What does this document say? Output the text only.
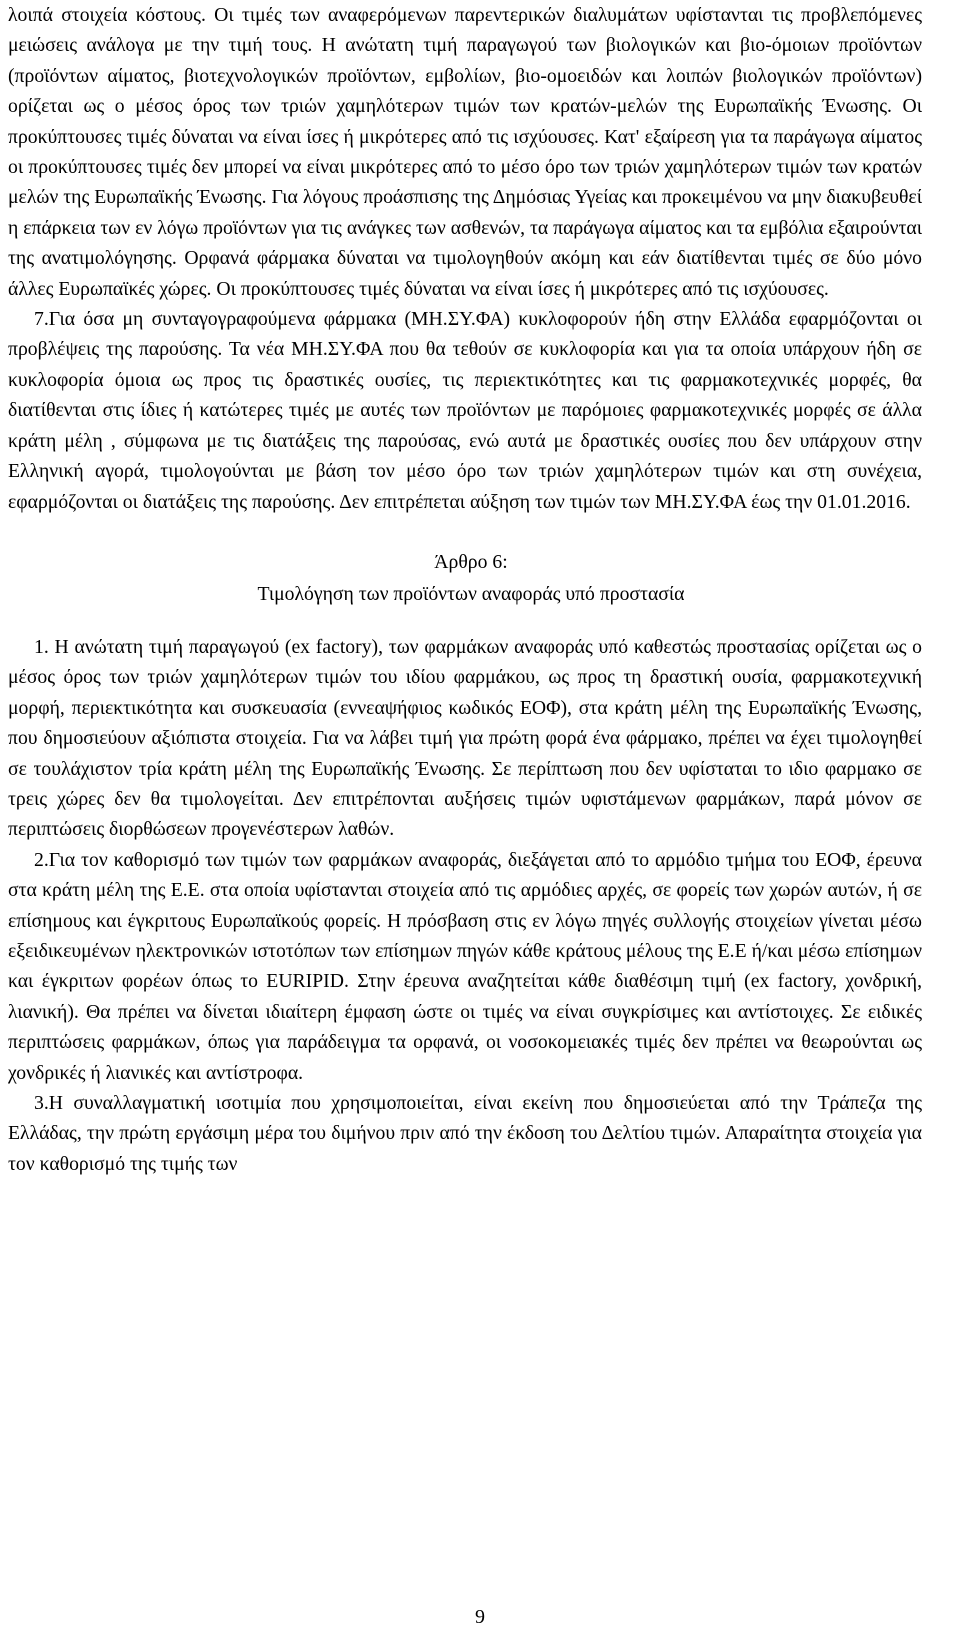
λοιπά στοιχεία κόστους. Οι τιμές των αναφερόμενων παρεντερικών διαλυμάτων υφίστανται τις προβλεπόμενες μειώσεις ανάλογα με την τιμή τους. Η ανώτατη τιμή παραγωγού των βιολογικών και βιο-όμοιων προϊόντων (προϊόντων αίματος, βιοτεχνολογικών προϊόντων, εμβολίων, βιο-ομοειδών και λοιπών βιολογικών προϊόντων) ορίζεται ως ο μέσος όρος των τριών χαμηλότερων τιμών των κρατών-μελών της Ευρωπαϊκής Ένωσης. Οι προκύπτουσες τιμές δύναται να είναι ίσες ή μικρότερες από τις ισχύουσες. Κατ' εξαίρεση για τα παράγωγα αίματος οι προκύπτουσες τιμές δεν μπορεί να είναι μικρότερες από το μέσο όρο των τριών χαμηλότερων τιμών των κρατών μελών της Ευρωπαϊκής Ένωσης. Για λόγους προάσπισης της Δημόσιας Υγείας και προκειμένου να μην διακυβευθεί η επάρκεια των εν λόγω προϊόντων για τις ανάγκες των ασθενών, τα παράγωγα αίματος και τα εμβόλια εξαιρούνται της ανατιμολόγησης. Ορφανά φάρμακα δύναται να τιμολογηθούν ακόμη και εάν διατίθενται τιμές σε δύο μόνο άλλες Ευρωπαϊκές χώρες. Οι προκύπτουσες τιμές δύναται να είναι ίσες ή μικρότερες από τις ισχύουσες.

7.Για όσα μη συνταγογραφούμενα φάρμακα (ΜΗ.ΣΥ.ΦΑ) κυκλοφορούν ήδη στην Ελλάδα εφαρμόζονται οι προβλέψεις της παρούσης. Τα νέα ΜΗ.ΣΥ.ΦΑ που θα τεθούν σε κυκλοφορία και για τα οποία υπάρχουν ήδη σε κυκλοφορία όμοια ως προς τις δραστικές ουσίες, τις περιεκτικότητες και τις φαρμακοτεχνικές μορφές, θα διατίθενται στις ίδιες ή κατώτερες τιμές με αυτές των προϊόντων με παρόμοιες φαρμακοτεχνικές μορφές σε άλλα κράτη μέλη , σύμφωνα με τις διατάξεις της παρούσας, ενώ αυτά με δραστικές ουσίες που δεν υπάρχουν στην Ελληνική αγορά, τιμολογούνται με βάση τον μέσο όρο των τριών χαμηλότερων τιμών και στη συνέχεια, εφαρμόζονται οι διατάξεις της παρούσης. Δεν επιτρέπεται αύξηση των τιμών των ΜΗ.ΣΥ.ΦΑ έως την 01.01.2016.

Άρθρο 6:

Τιμολόγηση των προϊόντων αναφοράς υπό προστασία

1. Η ανώτατη τιμή παραγωγού (ex factory), των φαρμάκων αναφοράς υπό καθεστώς προστασίας ορίζεται ως ο μέσος όρος των τριών χαμηλότερων τιμών του ιδίου φαρμάκου, ως προς τη δραστική ουσία, φαρμακοτεχνική μορφή, περιεκτικότητα και συσκευασία (εννεαψήφιος κωδικός ΕΟΦ), στα κράτη μέλη της Ευρωπαϊκής Ένωσης, που δημοσιεύουν αξιόπιστα στοιχεία. Για να λάβει τιμή για πρώτη φορά ένα φάρμακο, πρέπει να έχει τιμολογηθεί σε τουλάχιστον τρία κράτη μέλη της Ευρωπαϊκής Ένωσης. Σε περίπτωση που δεν υφίσταται το ιδιο φαρμακο σε τρεις χώρες δεν θα τιμολογείται. Δεν επιτρέπονται αυξήσεις τιμών υφιστάμενων φαρμάκων, παρά μόνον σε περιπτώσεις διορθώσεων προγενέστερων λαθών.

2.Για τον καθορισμό των τιμών των φαρμάκων αναφοράς, διεξάγεται από το αρμόδιο τμήμα του ΕΟΦ, έρευνα στα κράτη μέλη της Ε.Ε. στα οποία υφίστανται στοιχεία από τις αρμόδιες αρχές, σε φορείς των χωρών αυτών, ή σε επίσημους και έγκριτους Ευρωπαϊκούς φορείς. Η πρόσβαση στις εν λόγω πηγές συλλογής στοιχείων γίνεται μέσω εξειδικευμένων ηλεκτρονικών ιστοτόπων των επίσημων πηγών κάθε κράτους μέλους της Ε.Ε ή/και μέσω επίσημων και έγκριτων φορέων όπως το EURIPID. Στην έρευνα αναζητείται κάθε διαθέσιμη τιμή (ex factory, χονδρική, λιανική). Θα πρέπει να δίνεται ιδιαίτερη έμφαση ώστε οι τιμές να είναι συγκρίσιμες και αντίστοιχες. Σε ειδικές περιπτώσεις φαρμάκων, όπως για παράδειγμα τα ορφανά, οι νοσοκομειακές τιμές δεν πρέπει να θεωρούνται ως χονδρικές ή λιανικές και αντίστροφα.

3.Η συναλλαγματική ισοτιμία που χρησιμοποιείται, είναι εκείνη που δημοσιεύεται από την Τράπεζα της Ελλάδας, την πρώτη εργάσιμη μέρα του διμήνου πριν από την έκδοση του Δελτίου τιμών. Απαραίτητα στοιχεία για τον καθορισμό της τιμής των

9
